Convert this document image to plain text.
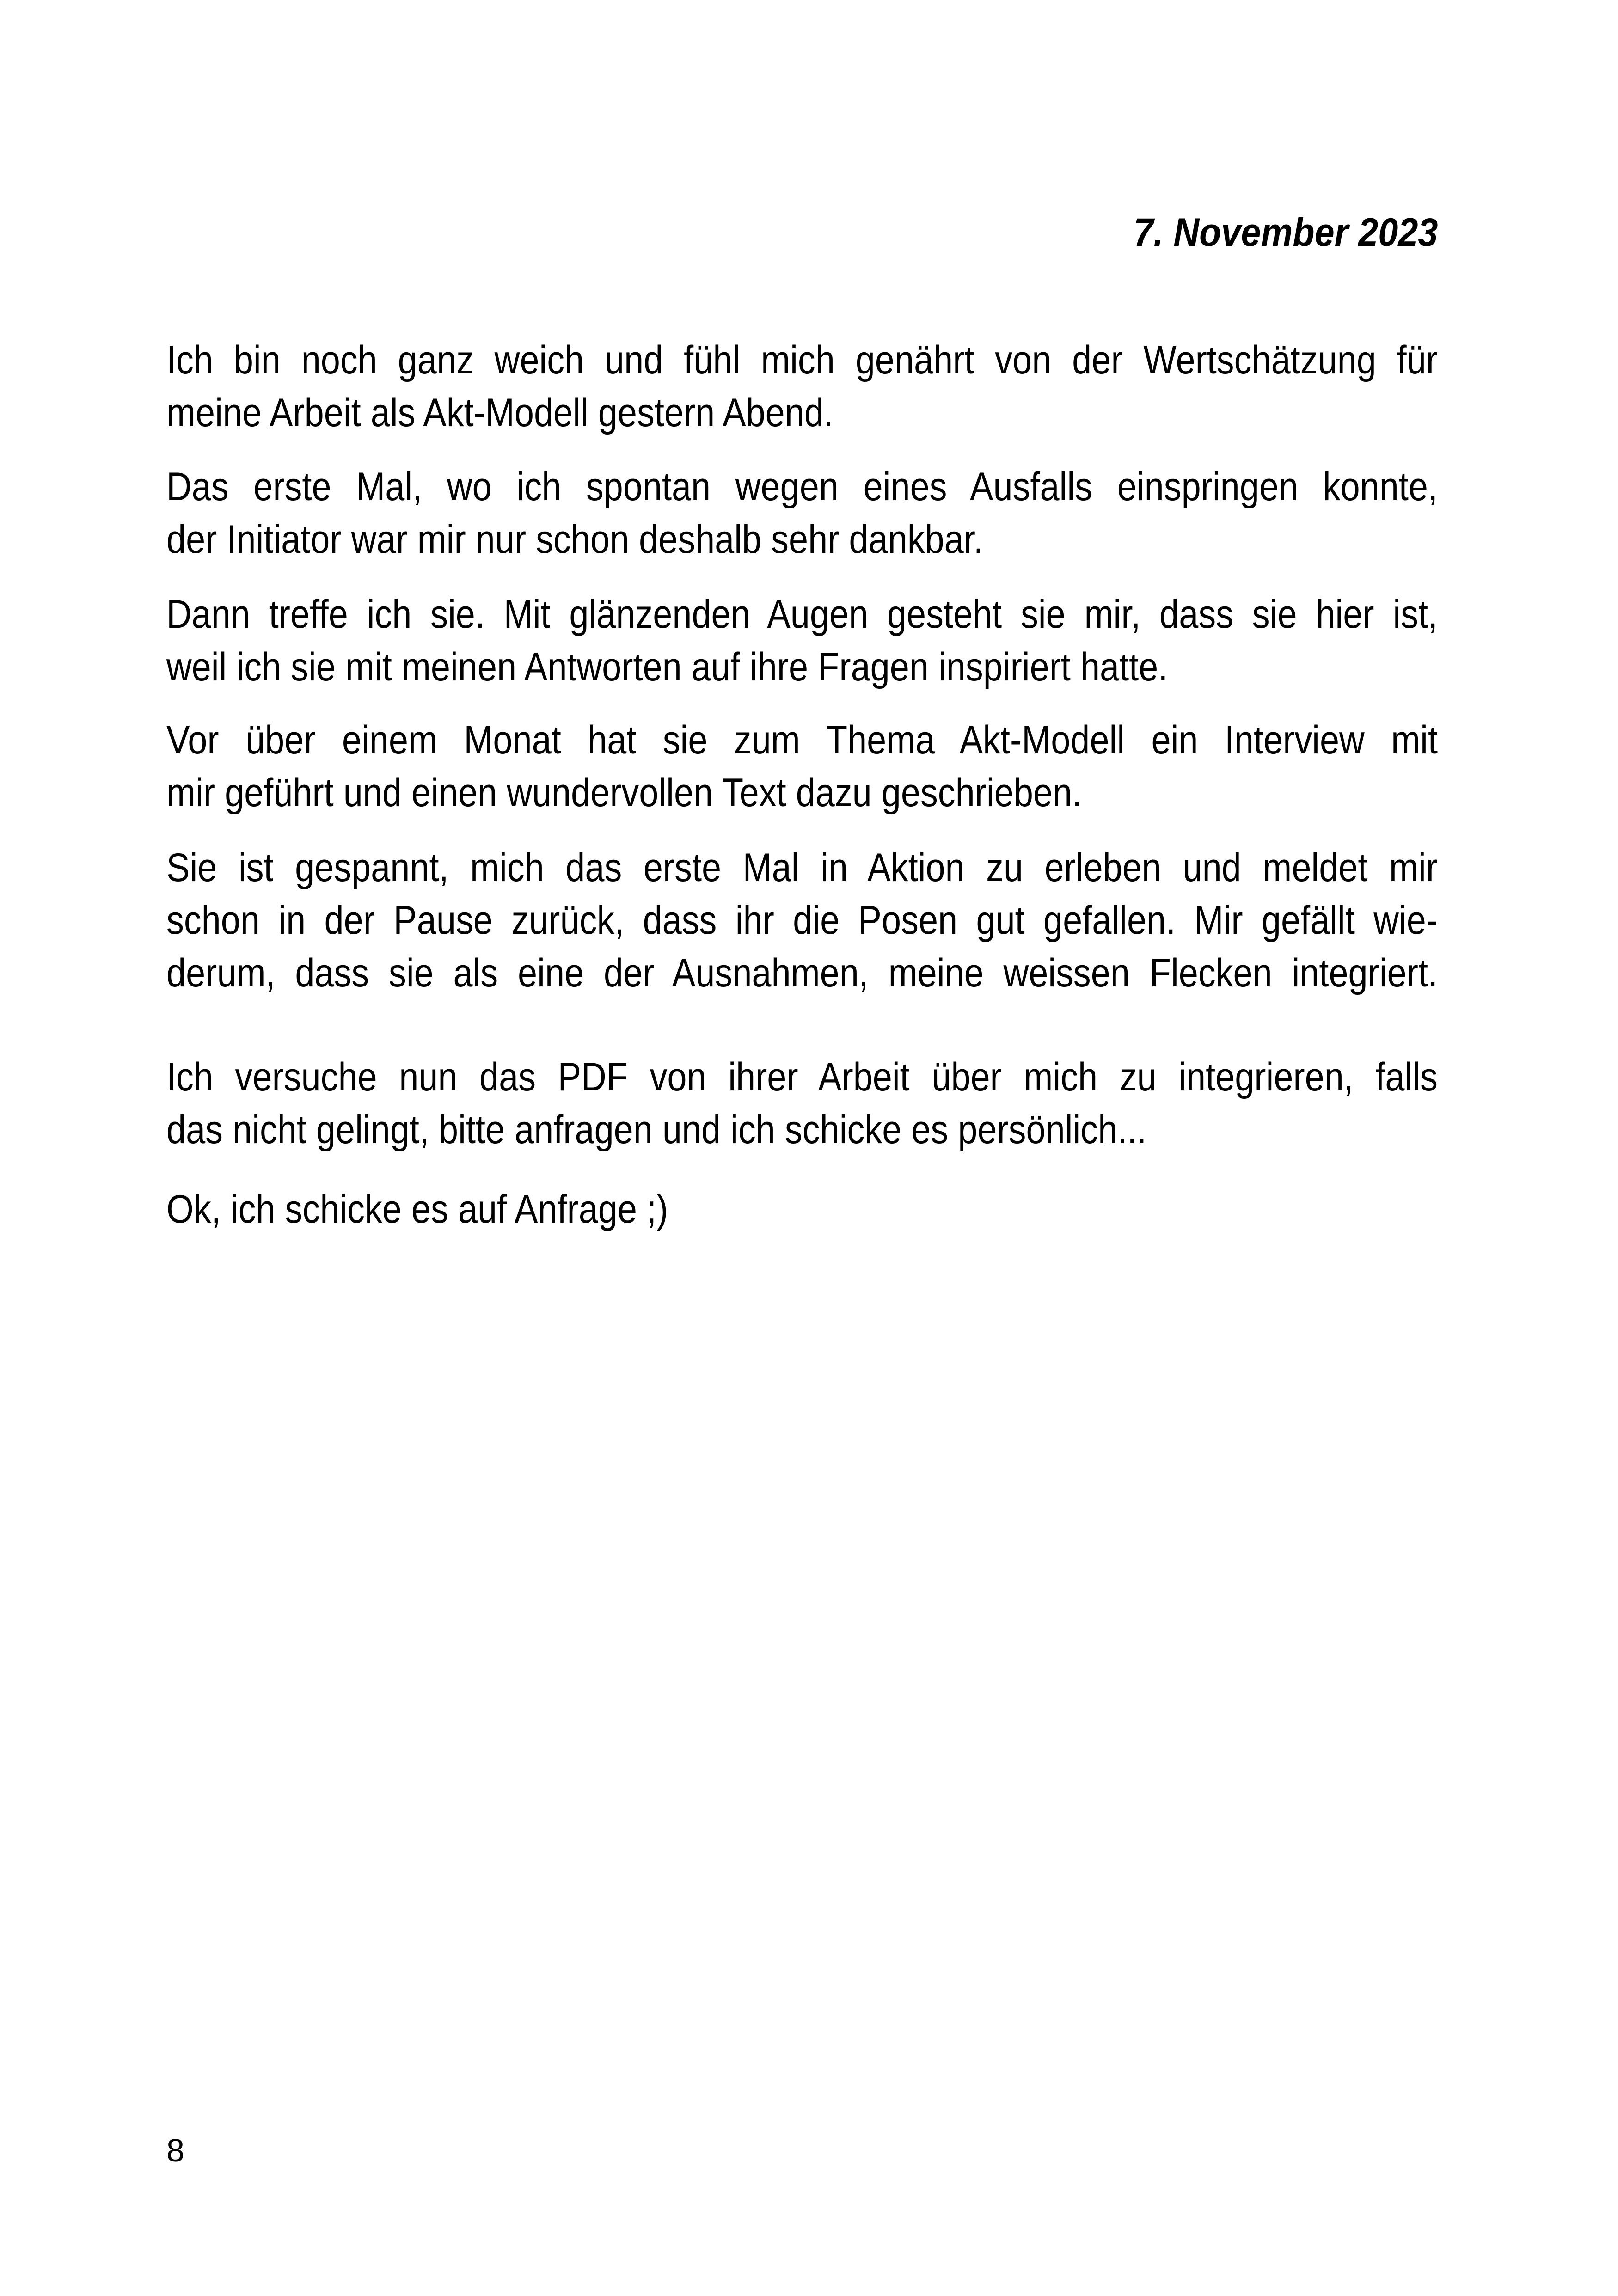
7. November 2023
Ich bin noch ganz weich und fühl mich genährt von der Wertschätzung für
meine Arbeit als Akt-Modell gestern Abend.
Das erste Mal, wo ich spontan wegen eines Ausfalls einspringen konnte,
der Initiator war mir nur schon deshalb sehr dankbar.
Dann treffe ich sie. Mit glänzenden Augen gesteht sie mir, dass sie hier ist,
weil ich sie mit meinen Antworten auf ihre Fragen inspiriert hatte.
Vor über einem Monat hat sie zum Thema Akt-Modell ein Interview mit
mir geführt und einen wundervollen Text dazu geschrieben.
Sie ist gespannt, mich das erste Mal in Aktion zu erleben und meldet mir
schon in der Pause zurück, dass ihr die Posen gut gefallen. Mir gefällt wie-
derum, dass sie als eine der Ausnahmen, meine weissen Flecken integriert.
Ich versuche nun das PDF von ihrer Arbeit über mich zu integrieren, falls
das nicht gelingt, bitte anfragen und ich schicke es persönlich...
Ok, ich schicke es auf Anfrage ;)
8
